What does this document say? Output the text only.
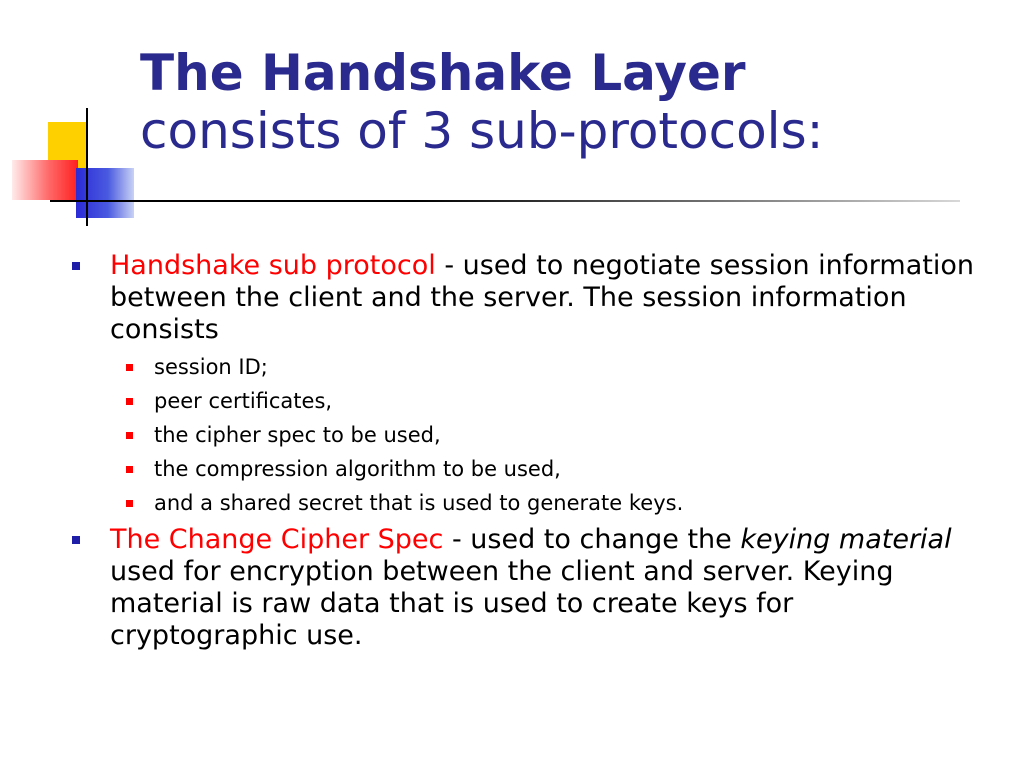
The Handshake Layer
consists of 3 sub-protocols:
Handshake sub protocol - used to negotiate session information between the client and the server. The session information consists
session ID;
peer certificates,
the cipher spec to be used,
the compression algorithm to be used,
and a shared secret that is used to generate keys.
The Change Cipher Spec - used to change the keying material used for encryption between the client and server. Keying material is raw data that is used to create keys for cryptographic use.
